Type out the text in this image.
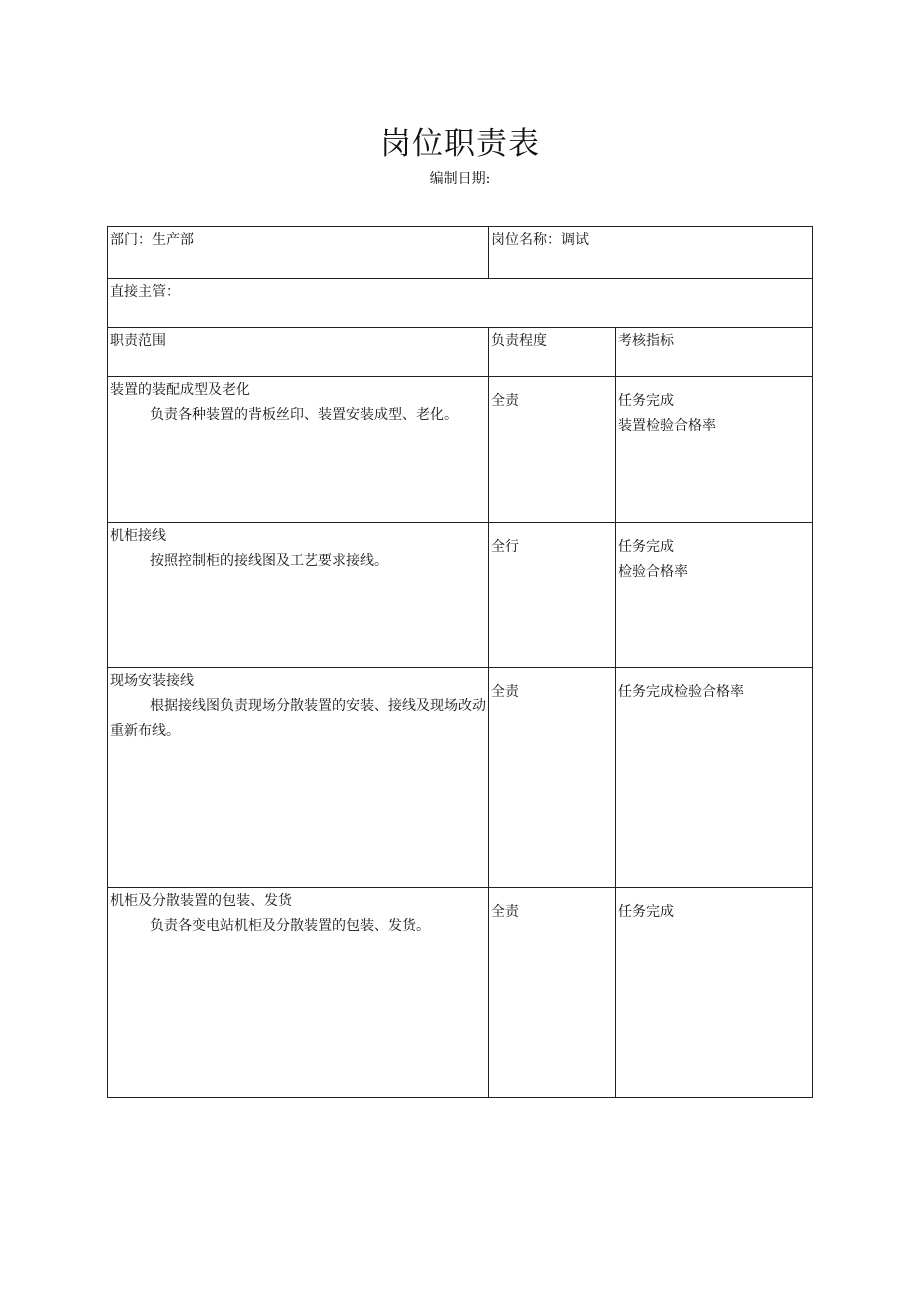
岗位职责表
编制日期:
部门：生产部	岗位名称：调试	
直接主管：		
职责范围	负责程度	考核指标

装置的装配成型及老化
负责各种装置的背板丝印、装置安装成型、老化。	全责	任务完成
装置检验合格率

机柜接线
按照控制柜的接线图及工艺要求接线。	全行	任务完成
检验合格率

现场安装接线
根据接线图负责现场分散装置的安装、接线及现场改动重新布线。	全责	任务完成检验合格率

机柜及分散装置的包装、发货
负责各变电站机柜及分散装置的包装、发货。	全责	任务完成
